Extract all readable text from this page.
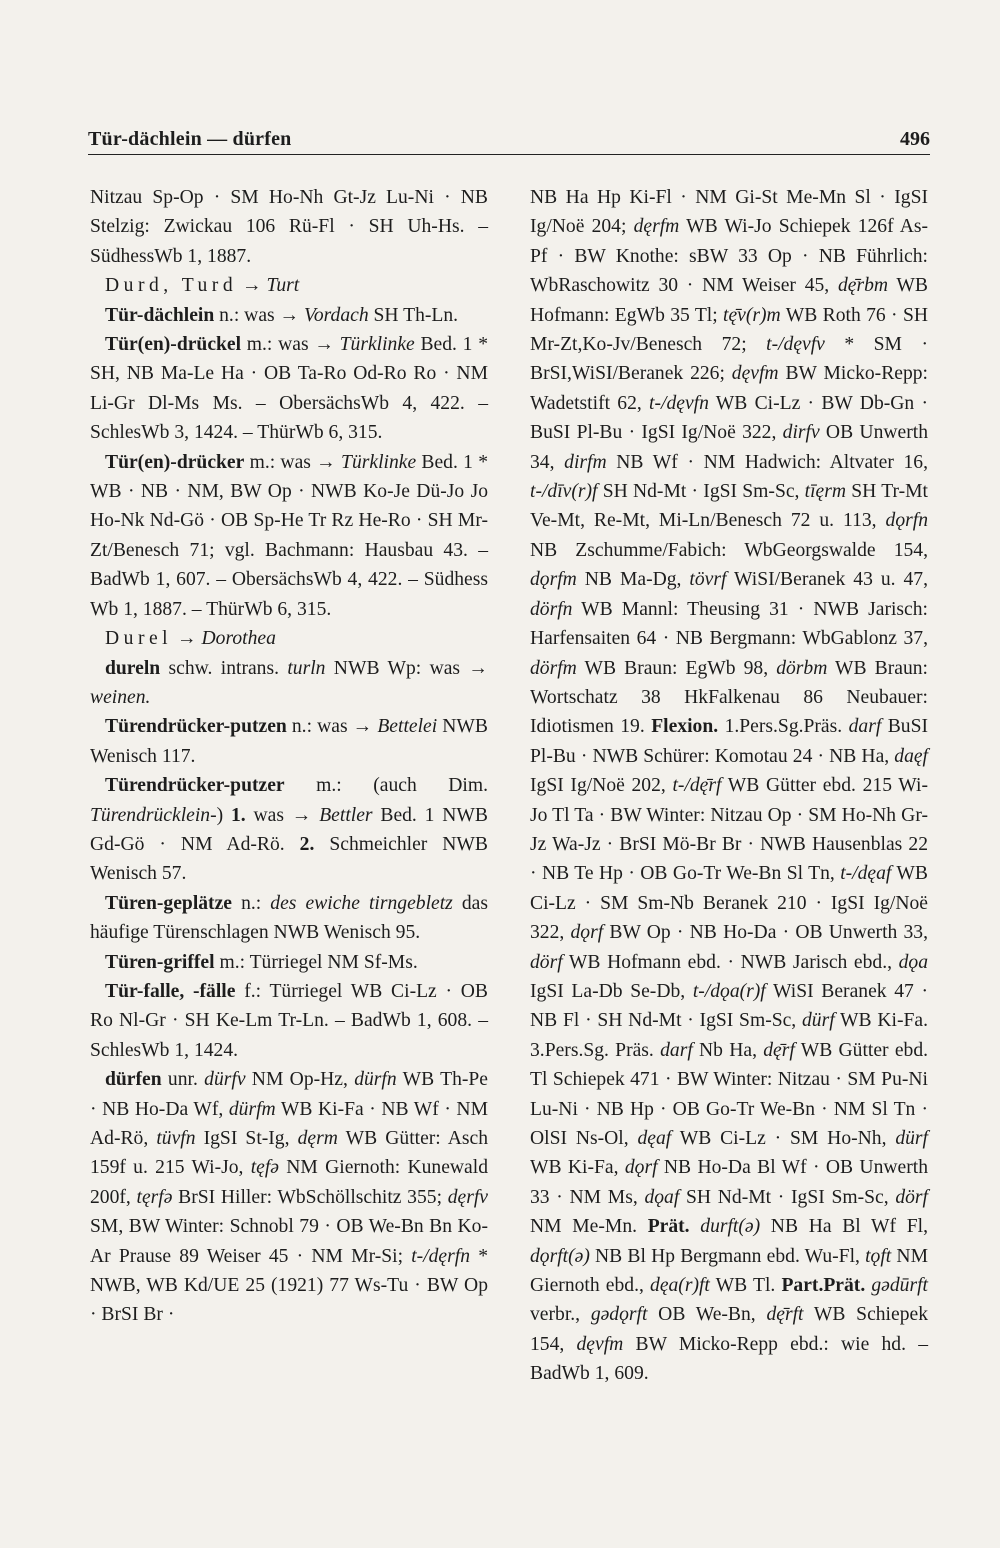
Tür-dächlein — dürfen	496

Nitzau Sp-Op · SM Ho-Nh Gt-Jz Lu-Ni · NB Stelzig: Zwickau 106 Rü-Fl · SH Uh-Hs. – SüdhessWb 1, 1887.

Durd, Turd → Turt

Tür-dächlein n.: was → Vordach SH Th-Ln.

Tür(en)-drückel m.: was → Türklinke Bed. 1 * SH, NB Ma-Le Ha · OB Ta-Ro Od-Ro Ro · NM Li-Gr Dl-Ms Ms. – ObersächsWb 4, 422. – SchlesWb 3, 1424. – ThürWb 6, 315.

Tür(en)-drücker m.: was → Türklinke Bed. 1 * WB · NB · NM, BW Op · NWB Ko-Je Dü-Jo Jo Ho-Nk Nd-Gö · OB Sp-He Tr Rz He-Ro · SH Mr-Zt/Benesch 71; vgl. Bachmann: Hausbau 43. – BadWb 1, 607. – ObersächsWb 4, 422. – Südhess Wb 1, 1887. – ThürWb 6, 315.

Durel → Dorothea

dureln schw. intrans. turln NWB Wp: was → weinen.

Türendrücker-putzen n.: was → Bettelei NWB Wenisch 117.

Türendrücker-putzer m.: (auch Dim. Türendrücklein-) 1. was → Bettler Bed. 1 NWB Gd-Gö · NM Ad-Rö. 2. Schmeichler NWB Wenisch 57.

Türen-geplätze n.: des ewiche tirngebletz das häufige Türenschlagen NWB Wenisch 95.

Türen-griffel m.: Türriegel NM Sf-Ms.

Tür-falle, -fälle f.: Türriegel WB Ci-Lz · OB Ro Nl-Gr · SH Ke-Lm Tr-Ln. – BadWb 1, 608. – SchlesWb 1, 1424.

dürfen unr. dürfv NM Op-Hz, dürfn WB Th-Pe · NB Ho-Da Wf, dürfm WB Ki-Fa · NB Wf · NM Ad-Rö, tüvfn IgSI St-Ig, dęrm WB Gütter: Asch 159f u. 215 Wi-Jo, tęfə NM Giernoth: Kunewald 200f, tęrfə BrSI Hiller: WbSchöllschitz 355; dęrfv SM, BW Winter: Schnobl 79 · OB We-Bn Bn Ko-Ar Prause 89 Weiser 45 · NM Mr-Si; t-/dęrfn * NWB, WB Kd/UE 25 (1921) 77 Ws-Tu · BW Op · BrSI Br ·

NB Ha Hp Ki-Fl · NM Gi-St Me-Mn Sl · IgSI Ig/Noë 204; dęrfm WB Wi-Jo Schiepek 126f As-Pf · BW Knothe: sBW 33 Op · NB Führlich: WbRaschowitz 30 · NM Weiser 45, dę̄rbm WB Hofmann: EgWb 35 Tl; tę̄v(r)m WB Roth 76 · SH Mr-Zt,Ko-Jv/Benesch 72; t-/dęvfv * SM · BrSI,WiSI/Beranek 226; dęvfm BW Micko-Repp: Wadetstift 62, t-/dęvfn WB Ci-Lz · BW Db-Gn · BuSI Pl-Bu · IgSI Ig/Noë 322, dirfv OB Unwerth 34, dirfm NB Wf · NM Hadwich: Altvater 16, t-/dīv(r)f SH Nd-Mt · IgSI Sm-Sc, tīęrm SH Tr-Mt Ve-Mt, Re-Mt, Mi-Ln/Benesch 72 u. 113, dǫrfn NB Zschumme/Fabich: WbGeorgswalde 154, dǫrfm NB Ma-Dg, tövrf WiSI/Beranek 43 u. 47, dörfn WB Mannl: Theusing 31 · NWB Jarisch: Harfensaiten 64 · NB Bergmann: WbGablonz 37, dörfm WB Braun: EgWb 98, dörbm WB Braun: Wortschatz 38 HkFalkenau 86 Neubauer: Idiotismen 19. Flexion. 1.Pers.Sg.Präs. darf BuSI Pl-Bu · NWB Schürer: Komotau 24 · NB Ha, daęf IgSI Ig/Noë 202, t-/dę̄rf WB Gütter ebd. 215 Wi-Jo Tl Ta · BW Winter: Nitzau Op · SM Ho-Nh Gr-Jz Wa-Jz · BrSI Mö-Br Br · NWB Hausenblas 22 · NB Te Hp · OB Go-Tr We-Bn Sl Tn, t-/dęaf WB Ci-Lz · SM Sm-Nb Beranek 210 · IgSI Ig/Noë 322, dǫrf BW Op · NB Ho-Da · OB Unwerth 33, dörf WB Hofmann ebd. · NWB Jarisch ebd., dǫa IgSI La-Db Se-Db, t-/dǫa(r)f WiSI Beranek 47 · NB Fl · SH Nd-Mt · IgSI Sm-Sc, dürf WB Ki-Fa. 3.Pers.Sg. Präs. darf Nb Ha, dę̄rf WB Gütter ebd. Tl Schiepek 471 · BW Winter: Nitzau · SM Pu-Ni Lu-Ni · NB Hp · OB Go-Tr We-Bn · NM Sl Tn · OlSI Ns-Ol, dęaf WB Ci-Lz · SM Ho-Nh, dürf WB Ki-Fa, dǫrf NB Ho-Da Bl Wf · OB Unwerth 33 · NM Ms, dǫaf SH Nd-Mt · IgSI Sm-Sc, dörf NM Me-Mn. Prät. durft(ə) NB Ha Bl Wf Fl, dǫrft(ə) NB Bl Hp Bergmann ebd. Wu-Fl, tǫft NM Giernoth ebd., dęa(r)ft WB Tl. Part.Prät. gədūrft verbr., gədǫrft OB We-Bn, dę̄rft WB Schiepek 154, dęvfm BW Micko-Repp ebd.: wie hd. – BadWb 1, 609.
